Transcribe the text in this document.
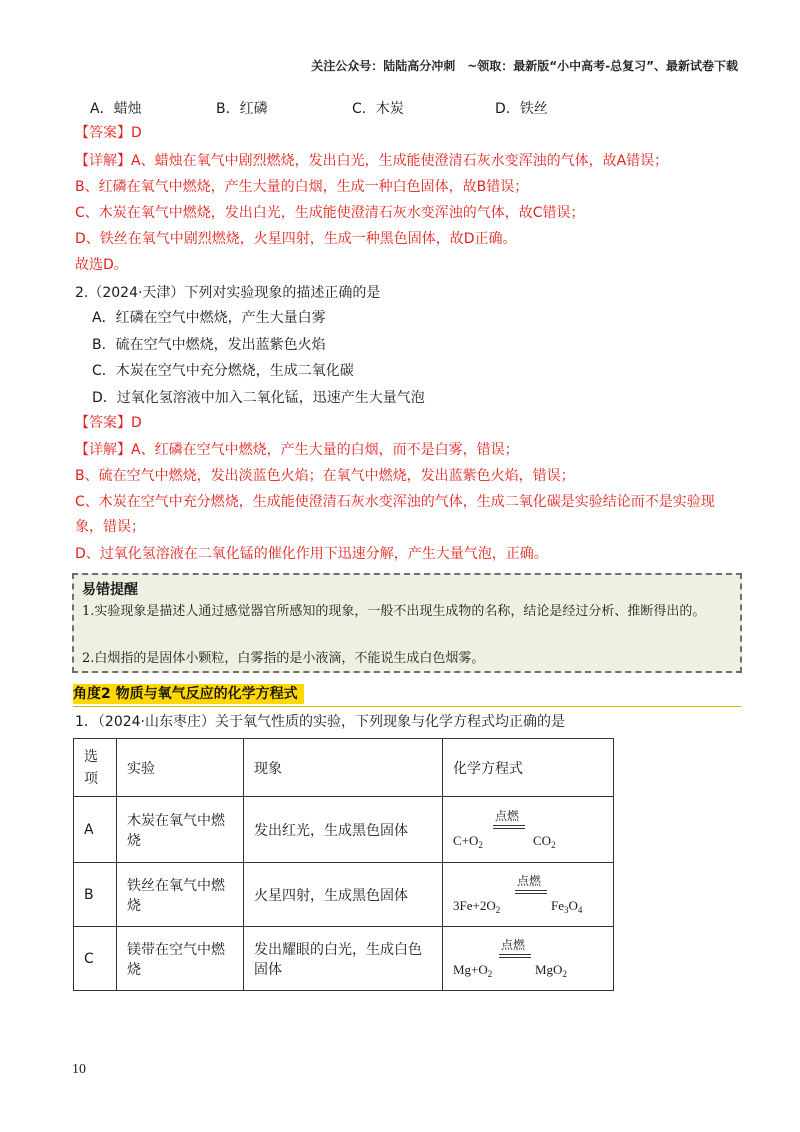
关注公众号：陆陆高分冲刺　~领取：最新版“小中高考-总复习”、最新试卷下载
A．蜡烛	B．红磷	C．木炭	D．铁丝
【答案】D
【详解】A、蜡烛在氧气中剧烈燃烧，发出白光，生成能使澄清石灰水变浑浊的气体，故A错误；
B、红磷在氧气中燃烧，产生大量的白烟，生成一种白色固体，故B错误；
C、木炭在氧气中燃烧，发出白光，生成能使澄清石灰水变浑浊的气体，故C错误；
D、铁丝在氧气中剧烈燃烧，火星四射，生成一种黑色固体，故D正确。
故选D。
2.（2024·天津）下列对实验现象的描述正确的是
A．红磷在空气中燃烧，产生大量白雾
B．硫在空气中燃烧，发出蓝紫色火焰
C．木炭在空气中充分燃烧，生成二氧化碳
D．过氧化氢溶液中加入二氧化锰，迅速产生大量气泡
【答案】D
【详解】A、红磷在空气中燃烧，产生大量的白烟，而不是白雾，错误；
B、硫在空气中燃烧，发出淡蓝色火焰；在氧气中燃烧，发出蓝紫色火焰，错误；
C、木炭在空气中充分燃烧，生成能使澄清石灰水变浑浊的气体，生成二氧化碳是实验结论而不是实验现象，错误；
D、过氧化氢溶液在二氧化锰的催化作用下迅速分解，产生大量气泡，正确。
易错提醒
1.实验现象是描述人通过感觉器官所感知的现象，一般不出现生成物的名称，结论是经过分析、推断得出的。
2.白烟指的是固体小颗粒，白雾指的是小液滴，不能说生成白色烟雾。
角度2 物质与氧气反应的化学方程式
1．（2024·山东枣庄）关于氧气性质的实验，下列现象与化学方程式均正确的是
选项	实验	现象	化学方程式
A	木炭在氧气中燃烧	发出红光，生成黑色固体	点燃
$C+O_2$ $CO_2$

B	铁丝在氧气中燃烧	火星四射，生成黑色固体	点燃
$3Fe+2O_2$ $Fe_3O_4$

C	镁带在空气中燃烧	发出耀眼的白光，生成白色固体	点燃
$Mg+O_2$ MgO$_2$
10
